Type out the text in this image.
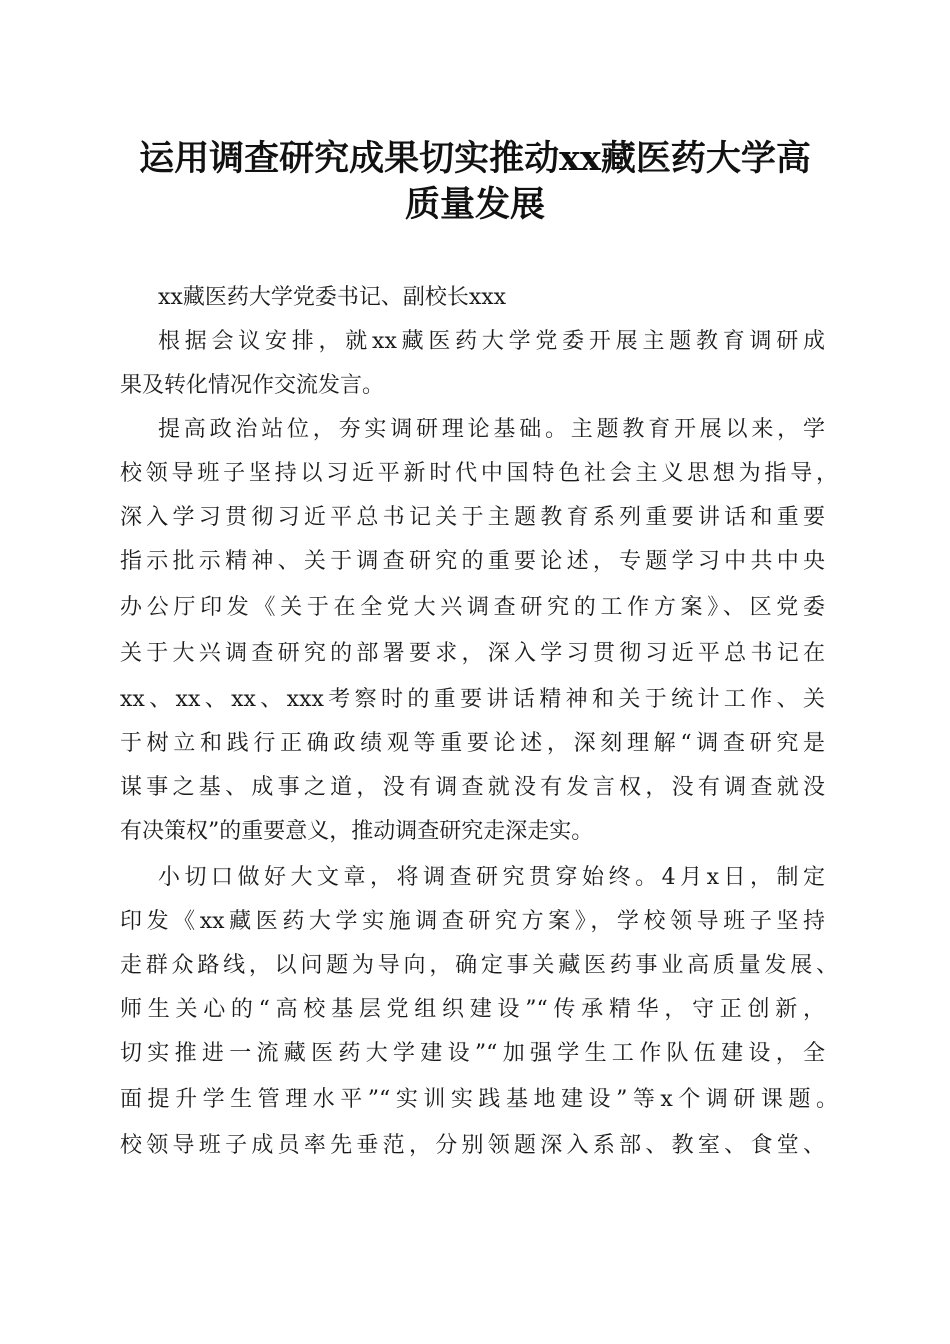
运用调查研究成果切实推动xx藏医药大学高
质量发展
xx藏医药大学党委书记、副校长xxx
根据会议安排，就xx藏医药大学党委开展主题教育调研成
果及转化情况作交流发言。
提高政治站位，夯实调研理论基础。主题教育开展以来，学
校领导班子坚持以习近平新时代中国特色社会主义思想为指导，
深入学习贯彻习近平总书记关于主题教育系列重要讲话和重要
指示批示精神、关于调查研究的重要论述，专题学习中共中央
办公厅印发《关于在全党大兴调查研究的工作方案》、区党委
关于大兴调查研究的部署要求，深入学习贯彻习近平总书记在
xx、xx、xx、xxx考察时的重要讲话精神和关于统计工作、关
于树立和践行正确政绩观等重要论述，深刻理解“调查研究是
谋事之基、成事之道，没有调查就没有发言权，没有调查就没
有决策权”的重要意义，推动调查研究走深走实。
小切口做好大文章，将调查研究贯穿始终。4月x日，制定
印发《xx藏医药大学实施调查研究方案》，学校领导班子坚持
走群众路线，以问题为导向，确定事关藏医药事业高质量发展、
师生关心的“高校基层党组织建设”“传承精华，守正创新，
切实推进一流藏医药大学建设”“加强学生工作队伍建设，全
面提升学生管理水平”“实训实践基地建设”等x个调研课题。
校领导班子成员率先垂范，分别领题深入系部、教室、食堂、
